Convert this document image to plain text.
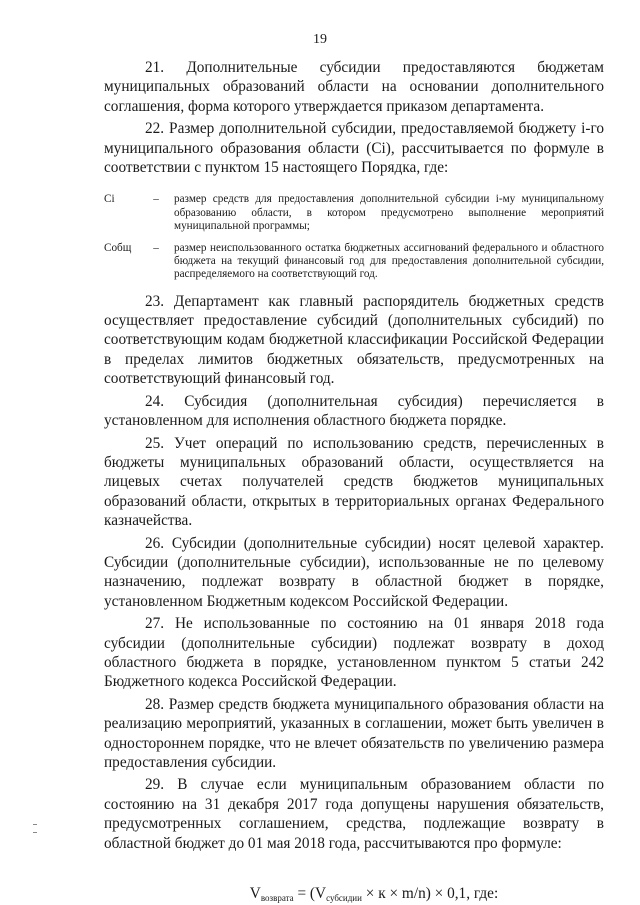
19

21. Дополнительные субсидии предоставляются бюджетам муниципальных образований области на основании дополнительного соглашения, форма которого утверждается приказом департамента.

22. Размер дополнительной субсидии, предоставляемой бюджету i-го муниципального образования области (Ci), рассчитывается по формуле в соответствии с пунктом 15 настоящего Порядка, где:

Ci	–	размер средств для предоставления дополнительной субсидии i-му муниципальному образованию области, в котором предусмотрено выполнение мероприятий муниципальной программы;
Cобщ	–	размер неиспользованного остатка бюджетных ассигнований федерального и областного бюджета на текущий финансовый год для предоставления дополнительной субсидии, распределяемого на соответствующий год.

23. Департамент как главный распорядитель бюджетных средств осуществляет предоставление субсидий (дополнительных субсидий) по соответствующим кодам бюджетной классификации Российской Федерации в пределах лимитов бюджетных обязательств, предусмотренных на соответствующий финансовый год.

24. Субсидия (дополнительная субсидия) перечисляется в установленном для исполнения областного бюджета порядке.

25. Учет операций по использованию средств, перечисленных в бюджеты муниципальных образований области, осуществляется на лицевых счетах получателей средств бюджетов муниципальных образований области, открытых в территориальных органах Федерального казначейства.

26. Субсидии (дополнительные субсидии) носят целевой характер. Субсидии (дополнительные субсидии), использованные не по целевому назначению, подлежат возврату в областной бюджет в порядке, установленном Бюджетным кодексом Российской Федерации.

27. Не использованные по состоянию на 01 января 2018 года субсидии (дополнительные субсидии) подлежат возврату в доход областного бюджета в порядке, установленном пунктом 5 статьи 242 Бюджетного кодекса Российской Федерации.

28. Размер средств бюджета муниципального образования области на реализацию мероприятий, указанных в соглашении, может быть увеличен в одностороннем порядке, что не влечет обязательств по увеличению размера предоставления субсидии.

29. В случае если муниципальным образованием области по состоянию на 31 декабря 2017 года допущены нарушения обязательств, предусмотренных соглашением, средства, подлежащие возврату в областной бюджет до 01 мая 2018 года, рассчитываются про формуле:

$V_{возврата} = (V_{субсидии} \times к \times m/n) \times 0,1$, где:
